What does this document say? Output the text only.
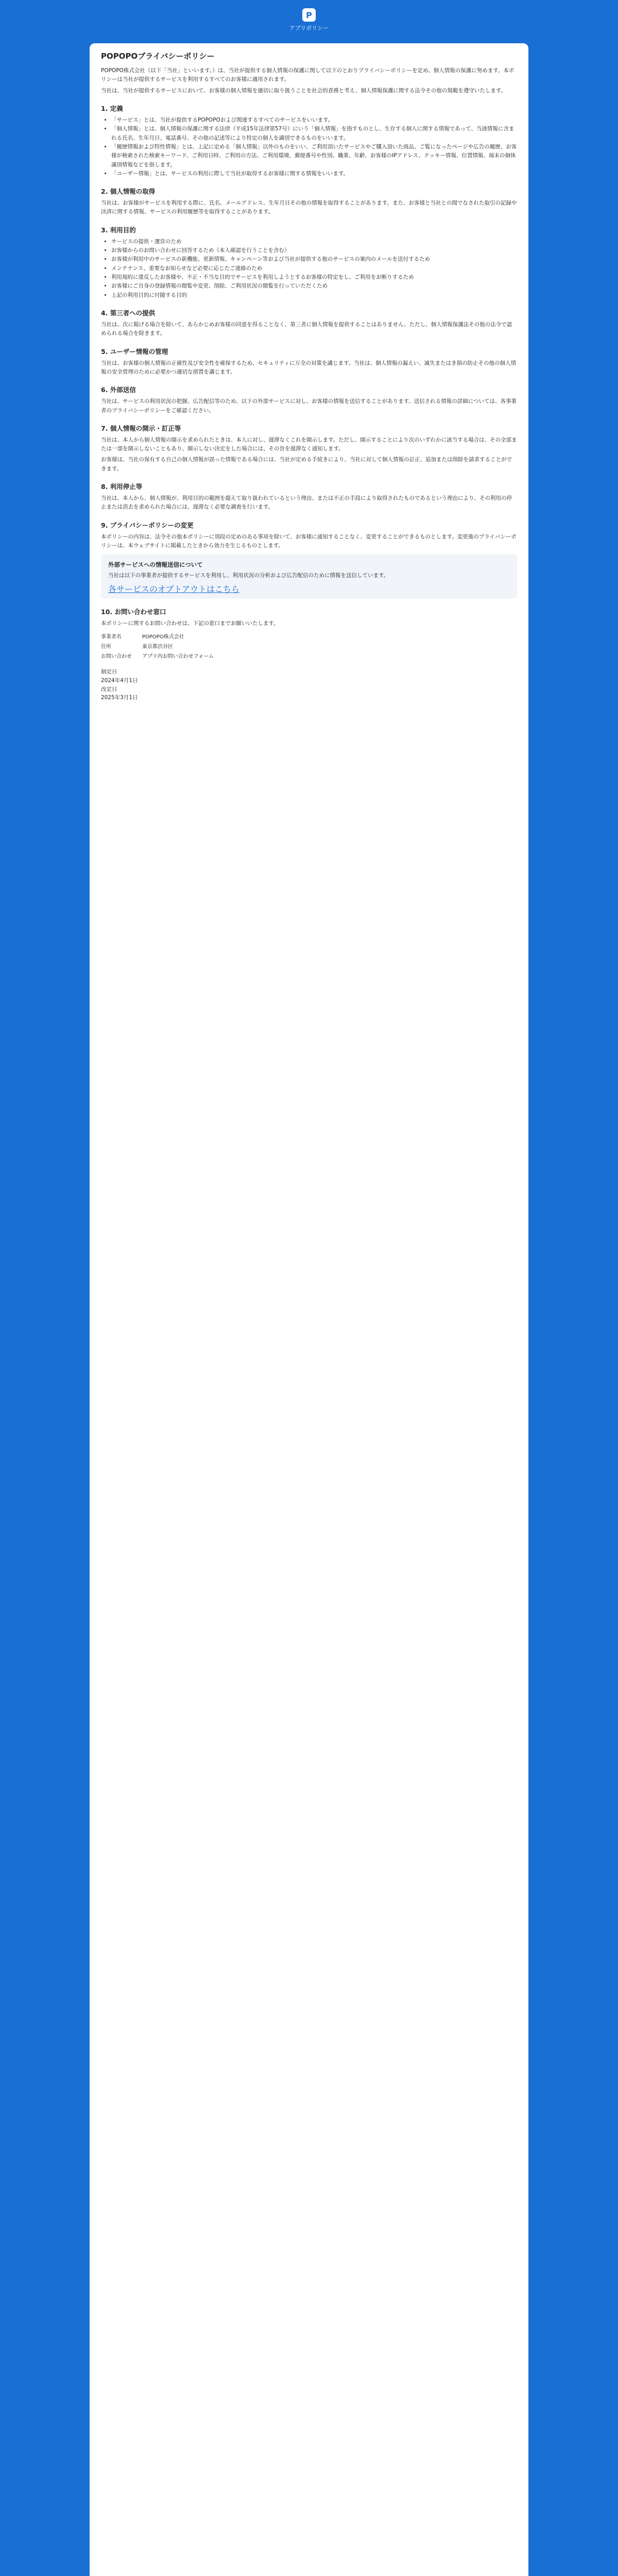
P
アプリポリシー
POPOPOプライバシーポリシー

POPOPO株式会社（以下「当社」といいます。）は、当社が提供する個人情報の保護に関して以下のとおりプライバシーポリシーを定め、個人情報の保護に努めます。本ポリシーは当社が提供するサービスを利用するすべてのお客様に適用されます。

当社は、当社が提供するサービスにおいて、お客様の個人情報を適切に取り扱うことを社会的責務と考え、個人情報保護に関する法令その他の規範を遵守いたします。

1. 定義
• 「サービス」とは、当社が提供するPOPOPOおよび関連するすべてのサービスをいいます。
• 「個人情報」とは、個人情報の保護に関する法律（平成15年法律第57号）にいう「個人情報」を指すものとし、生存する個人に関する情報であって、当該情報に含まれる氏名、生年月日、電話番号、その他の記述等により特定の個人を識別できるものをいいます。
• 「履歴情報および特性情報」とは、上記に定める「個人情報」以外のものをいい、ご利用頂いたサービスやご購入頂いた商品、ご覧になったページや広告の履歴、お客様が検索された検索キーワード、ご利用日時、ご利用の方法、ご利用環境、郵便番号や性別、職業、年齢、お客様のIPアドレス、クッキー情報、位置情報、端末の個体識別情報などを指します。
• 「ユーザー情報」とは、サービスの利用に際して当社が取得するお客様に関する情報をいいます。
2. 個人情報の取得

当社は、お客様がサービスを利用する際に、氏名、メールアドレス、生年月日その他の情報を取得することがあります。また、お客様と当社との間でなされた取引の記録や決済に関する情報、サービスの利用履歴等を取得することがあります。

3. 利用目的
• サービスの提供・運営のため
• お客様からのお問い合わせに回答するため（本人確認を行うことを含む）
• お客様が利用中のサービスの新機能、更新情報、キャンペーン等および当社が提供する他のサービスの案内のメールを送付するため
• メンテナンス、重要なお知らせなど必要に応じたご連絡のため
• 利用規約に違反したお客様や、不正・不当な目的でサービスを利用しようとするお客様の特定をし、ご利用をお断りするため
• お客様にご自身の登録情報の閲覧や変更、削除、ご利用状況の閲覧を行っていただくため
• 上記の利用目的に付随する目的
4. 第三者への提供

当社は、次に掲げる場合を除いて、あらかじめお客様の同意を得ることなく、第三者に個人情報を提供することはありません。ただし、個人情報保護法その他の法令で認められる場合を除きます。

5. ユーザー情報の管理

当社は、お客様の個人情報の正確性及び安全性を確保するため、セキュリティに万全の対策を講じます。当社は、個人情報の漏えい、滅失またはき損の防止その他の個人情報の安全管理のために必要かつ適切な措置を講じます。

6. 外部送信

当社は、サービスの利用状況の把握、広告配信等のため、以下の外部サービスに対し、お客様の情報を送信することがあります。送信される情報の詳細については、各事業者のプライバシーポリシーをご確認ください。

7. 個人情報の開示・訂正等

当社は、本人から個人情報の開示を求められたときは、本人に対し、遅滞なくこれを開示します。ただし、開示することにより次のいずれかに該当する場合は、その全部または一部を開示しないこともあり、開示しない決定をした場合には、その旨を遅滞なく通知します。

お客様は、当社の保有する自己の個人情報が誤った情報である場合には、当社が定める手続きにより、当社に対して個人情報の訂正、追加または削除を請求することができます。

8. 利用停止等

当社は、本人から、個人情報が、利用目的の範囲を超えて取り扱われているという理由、または不正の手段により取得されたものであるという理由により、その利用の停止または消去を求められた場合には、遅滞なく必要な調査を行います。

9. プライバシーポリシーの変更

本ポリシーの内容は、法令その他本ポリシーに別段の定めのある事項を除いて、お客様に通知することなく、変更することができるものとします。変更後のプライバシーポリシーは、本ウェブサイトに掲載したときから効力を生じるものとします。

外部サービスへの情報送信について

当社は以下の事業者が提供するサービスを利用し、利用状況の分析および広告配信のために情報を送信しています。

各サービスのオプトアウトはこちら
10. お問い合わせ窓口

本ポリシーに関するお問い合わせは、下記の窓口までお願いいたします。

事業者名	POPOPO株式会社
住所	東京都渋谷区
お問い合わせ	アプリ内お問い合わせフォーム
制定日
2024年4月1日
改定日
2025年3月1日
